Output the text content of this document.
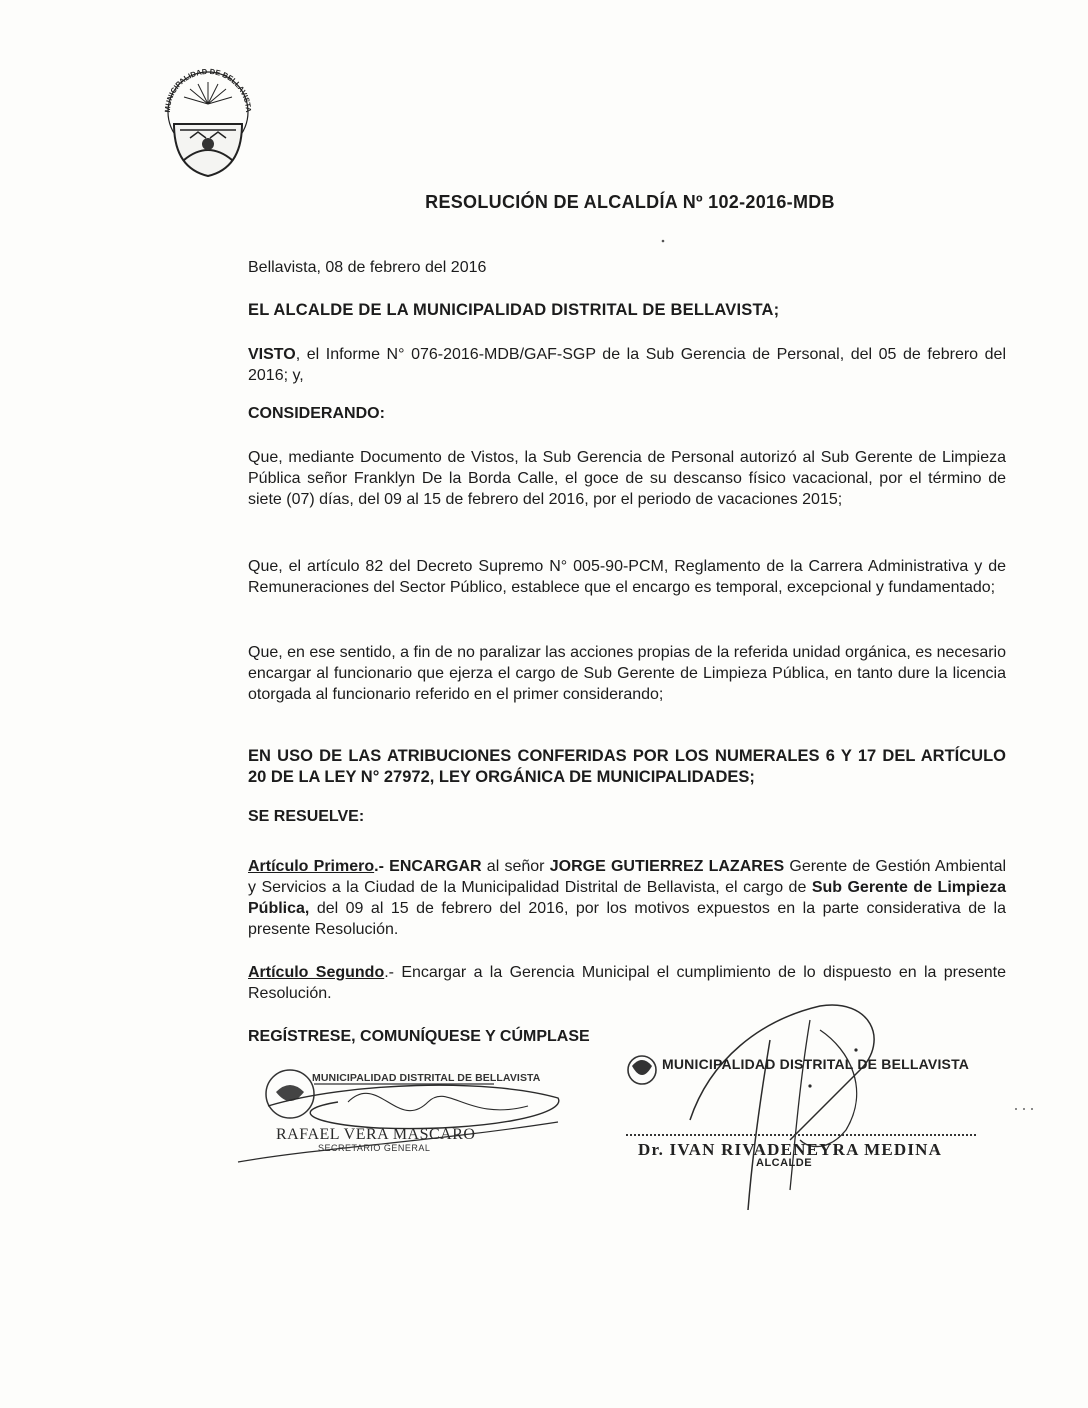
MUNICIPALIDAD DE BELLAVISTA
RESOLUCIÓN DE ALCALDÍA Nº 102-2016-MDB
Bellavista, 08 de febrero del 2016
EL ALCALDE DE LA MUNICIPALIDAD DISTRITAL DE BELLAVISTA;
VISTO, el Informe N° 076-2016-MDB/GAF-SGP de la Sub Gerencia de Personal, del 05 de febrero del 2016; y,
CONSIDERANDO:
Que, mediante Documento de Vistos, la Sub Gerencia de Personal autorizó al Sub Gerente de Limpieza Pública señor Franklyn De la Borda Calle, el goce de su descanso físico vacacional, por el término de siete (07) días, del 09 al 15 de febrero del 2016, por el periodo de vacaciones 2015;
Que, el artículo 82 del Decreto Supremo N° 005-90-PCM, Reglamento de la Carrera Administrativa y de Remuneraciones del Sector Público, establece que el encargo es temporal, excepcional y fundamentado;
Que, en ese sentido, a fin de no paralizar las acciones propias de la referida unidad orgánica, es necesario encargar al funcionario que ejerza el cargo de Sub Gerente de Limpieza Pública, en tanto dure la licencia otorgada al funcionario referido en el primer considerando;
EN USO DE LAS ATRIBUCIONES CONFERIDAS POR LOS NUMERALES 6 Y 17 DEL ARTÍCULO 20 DE LA LEY N° 27972, LEY ORGÁNICA DE MUNICIPALIDADES;
SE RESUELVE:
Artículo Primero.- ENCARGAR al señor JORGE GUTIERREZ LAZARES Gerente de Gestión Ambiental y Servicios a la Ciudad de la Municipalidad Distrital de Bellavista, el cargo de Sub Gerente de Limpieza Pública, del 09 al 15 de febrero del 2016, por los motivos expuestos en la parte considerativa de la presente Resolución.
Artículo Segundo.- Encargar a la Gerencia Municipal el cumplimiento de lo dispuesto en la presente Resolución.
REGÍSTRESE, COMUNÍQUESE Y CÚMPLASE
MUNICIPALIDAD DISTRITAL DE BELLAVISTA
RAFAEL VERA MASCARO
SECRETARIO GENERAL
MUNICIPALIDAD DISTRITAL DE BELLAVISTA
Dr. IVAN RIVADENEYRA MEDINA
ALCALDE
